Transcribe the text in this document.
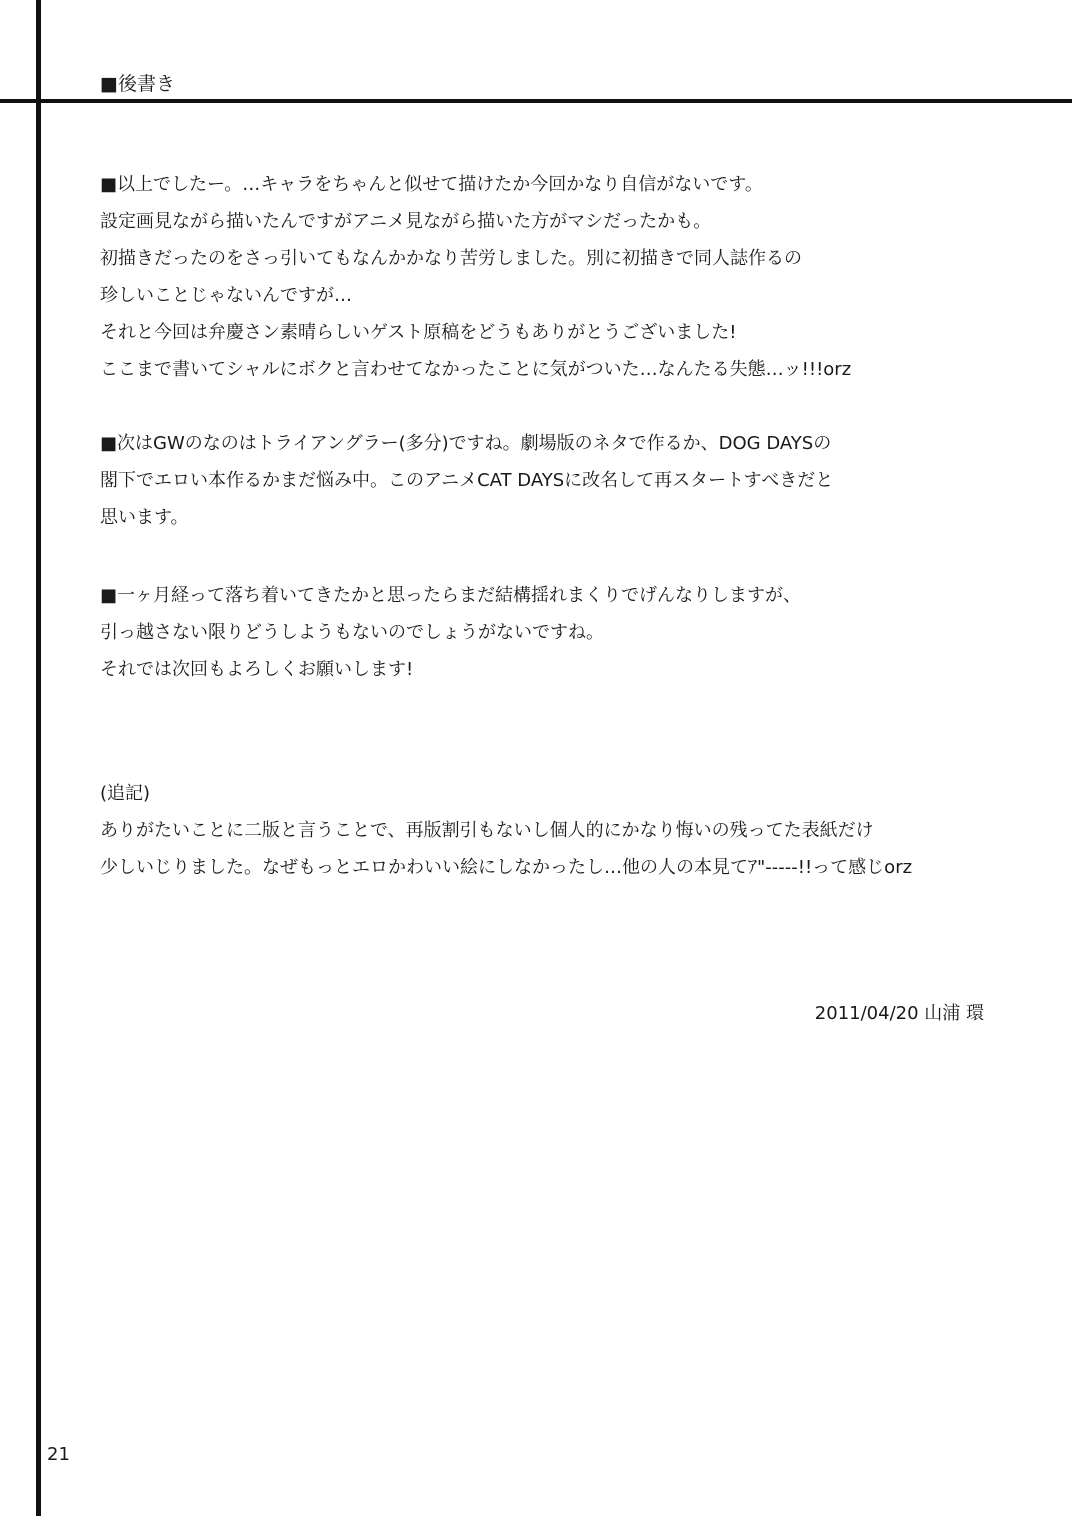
■後書き
■以上でしたー。…キャラをちゃんと似せて描けたか今回かなり自信がないです。
設定画見ながら描いたんですがアニメ見ながら描いた方がマシだったかも。
初描きだったのをさっ引いてもなんかかなり苦労しました。別に初描きで同人誌作るの
珍しいことじゃないんですが…
それと今回は弁慶さン素晴らしいゲスト原稿をどうもありがとうございました!
ここまで書いてシャルにボクと言わせてなかったことに気がついた…なんたる失態…ッ!!!orz
■次はGWのなのはトライアングラー(多分)ですね。劇場版のネタで作るか、DOG DAYSの
閣下でエロい本作るかまだ悩み中。このアニメCAT DAYSに改名して再スタートすべきだと
思います。
■一ヶ月経って落ち着いてきたかと思ったらまだ結構揺れまくりでげんなりしますが、
引っ越さない限りどうしようもないのでしょうがないですね。
それでは次回もよろしくお願いします!
(追記)
ありがたいことに二版と言うことで、再版割引もないし個人的にかなり悔いの残ってた表紙だけ
少しいじりました。なぜもっとエロかわいい絵にしなかったし…他の人の本見てｱ"-----!!って感じorz
2011/04/20 山浦 環
21
